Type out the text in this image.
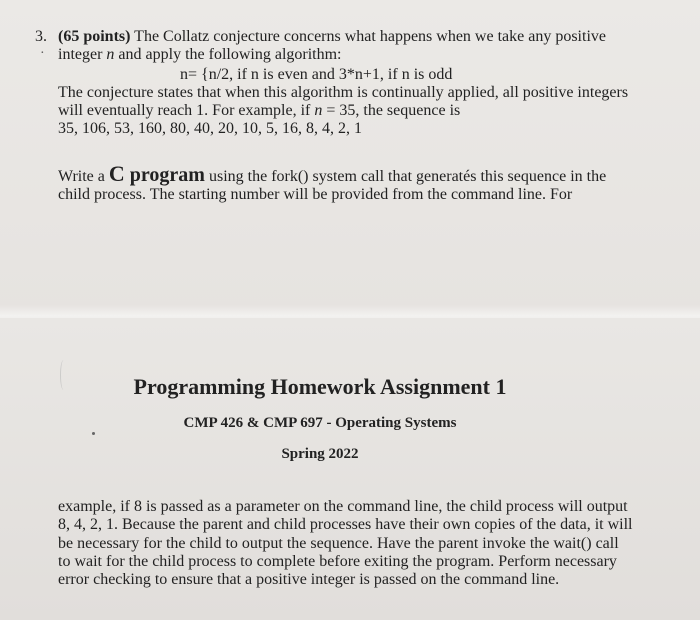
3.
·
(65 points) The Collatz conjecture concerns what happens when we take any positive
integer n and apply the following algorithm:
n= {n/2, if n is even and 3*n+1, if n is odd
The conjecture states that when this algorithm is continually applied, all positive integers
will eventually reach 1. For example, if n = 35, the sequence is
35, 106, 53, 160, 80, 40, 20, 10, 5, 16, 8, 4, 2, 1
Write a C program using the fork() system call that generatés this sequence in the
child process. The starting number will be provided from the command line. For
Programming Homework Assignment 1
CMP 426 & CMP 697 - Operating Systems
Spring 2022
example, if 8 is passed as a parameter on the command line, the child process will output
8, 4, 2, 1. Because the parent and child processes have their own copies of the data, it will
be necessary for the child to output the sequence. Have the parent invoke the wait() call
to wait for the child process to complete before exiting the program. Perform necessary
error checking to ensure that a positive integer is passed on the command line.
